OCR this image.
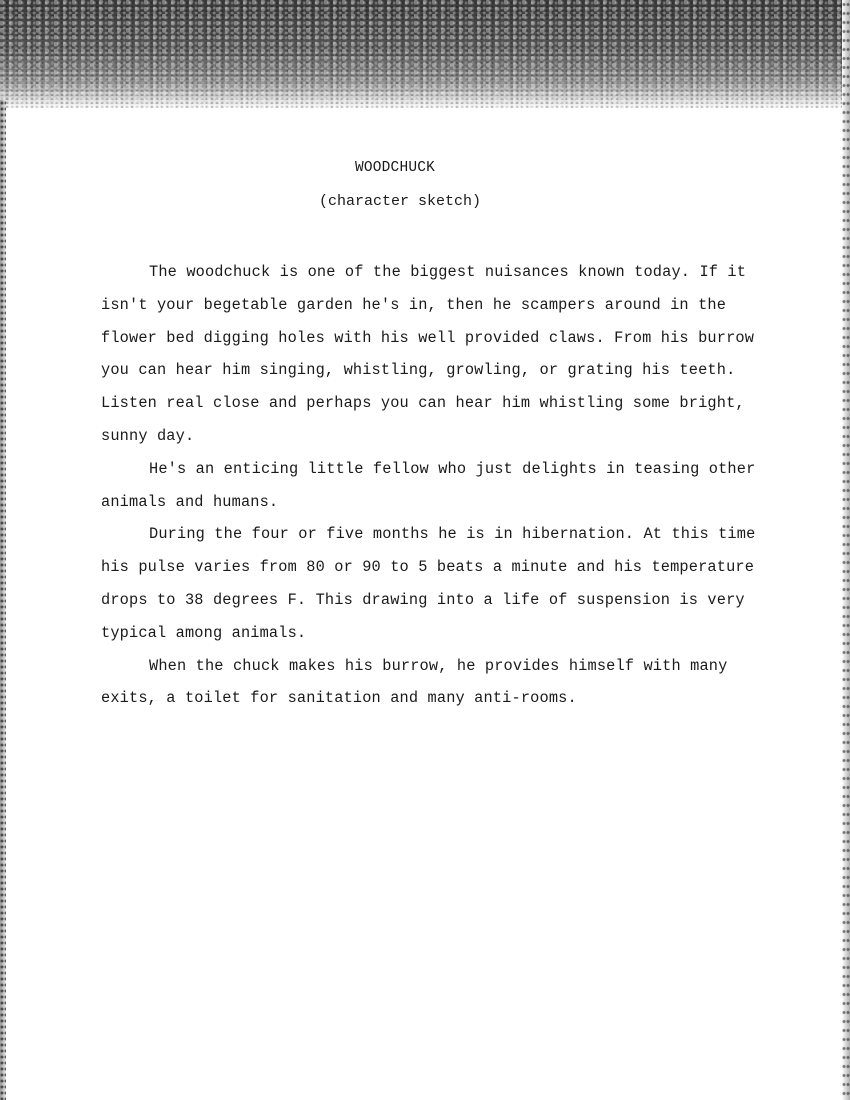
WOODCHUCK
(character sketch)

The woodchuck is one of the biggest nuisances known today. If it isn't your begetable garden he's in, then he scampers around in the flower bed digging holes with his well provided claws. From his burrow you can hear him singing, whistling, growling, or grating his teeth. Listen real close and perhaps you can hear him whistling some bright, sunny day.

He's an enticing little fellow who just delights in teasing other animals and humans.

During the four or five months he is in hibernation. At this time his pulse varies from 80 or 90 to 5 beats a minute and his temperature drops to 38 degrees F. This drawing into a life of suspension is very typical among animals.

When the chuck makes his burrow, he provides himself with many exits, a toilet for sanitation and many anti-rooms.
